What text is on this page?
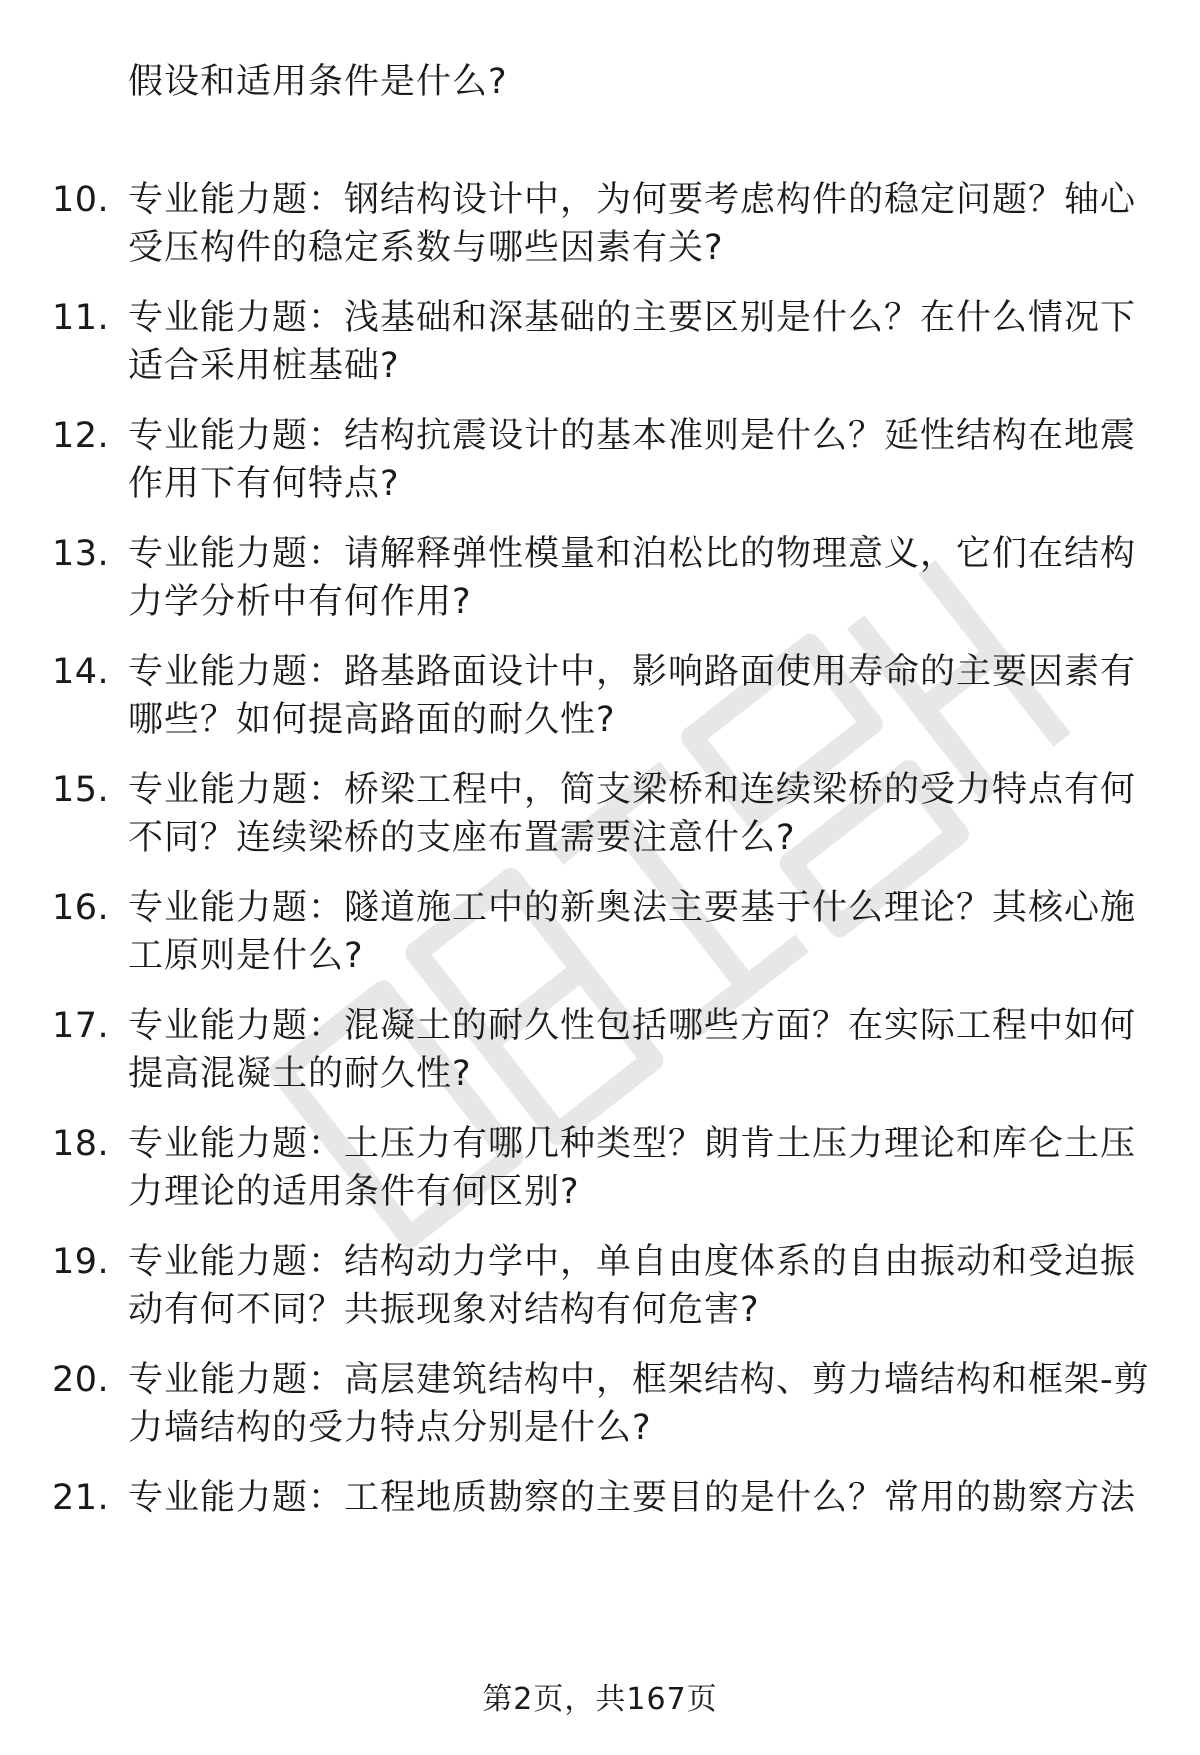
假设和适用条件是什么?
10. 专业能力题：钢结构设计中，为何要考虑构件的稳定问题？轴心
受压构件的稳定系数与哪些因素有关?
11. 专业能力题：浅基础和深基础的主要区别是什么？在什么情况下
适合采用桩基础?
12. 专业能力题：结构抗震设计的基本准则是什么？延性结构在地震
作用下有何特点?
13. 专业能力题：请解释弹性模量和泊松比的物理意义，它们在结构
力学分析中有何作用?
14. 专业能力题：路基路面设计中，影响路面使用寿命的主要因素有
哪些？如何提高路面的耐久性?
15. 专业能力题：桥梁工程中，简支梁桥和连续梁桥的受力特点有何
不同？连续梁桥的支座布置需要注意什么?
16. 专业能力题：隧道施工中的新奥法主要基于什么理论？其核心施
工原则是什么?
17. 专业能力题：混凝土的耐久性包括哪些方面？在实际工程中如何
提高混凝土的耐久性?
18. 专业能力题：土压力有哪几种类型？朗肯土压力理论和库仑土压
力理论的适用条件有何区别?
19. 专业能力题：结构动力学中，单自由度体系的自由振动和受迫振
动有何不同？共振现象对结构有何危害?
20. 专业能力题：高层建筑结构中，框架结构、剪力墙结构和框架-剪
力墙结构的受力特点分别是什么?
21. 专业能力题：工程地质勘察的主要目的是什么？常用的勘察方法
第2页，共167页
